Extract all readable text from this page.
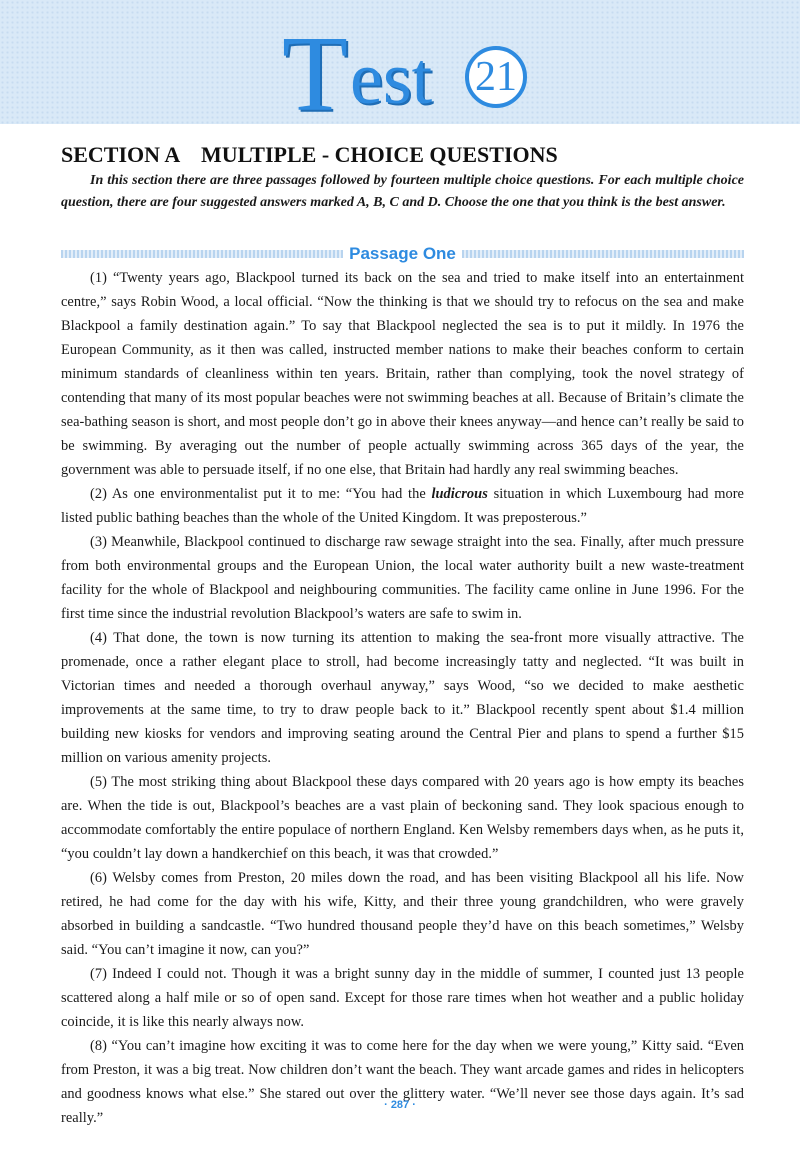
T est 21
SECTION A    MULTIPLE - CHOICE QUESTIONS

In this section there are three passages followed by fourteen multiple choice questions. For each multiple choice question, there are four suggested answers marked A, B, C and D. Choose the one that you think is the best answer.

Passage One

(1) “Twenty years ago, Blackpool turned its back on the sea and tried to make itself into an entertainment centre,” says Robin Wood, a local official. “Now the thinking is that we should try to refocus on the sea and make Blackpool a family destination again.” To say that Blackpool neglected the sea is to put it mildly. In 1976 the European Community, as it then was called, instructed member nations to make their beaches conform to certain minimum standards of cleanliness within ten years. Britain, rather than complying, took the novel strategy of contending that many of its most popular beaches were not swimming beaches at all. Because of Britain’s climate the sea-bathing season is short, and most people don’t go in above their knees anyway—and hence can’t really be said to be swimming. By averaging out the number of people actually swimming across 365 days of the year, the government was able to persuade itself, if no one else, that Britain had hardly any real swimming beaches.

(2) As one environmentalist put it to me: “You had the ludicrous situation in which Luxembourg had more listed public bathing beaches than the whole of the United Kingdom. It was preposterous.”

(3) Meanwhile, Blackpool continued to discharge raw sewage straight into the sea. Finally, after much pressure from both environmental groups and the European Union, the local water authority built a new waste-treatment facility for the whole of Blackpool and neighbouring communities. The facility came online in June 1996. For the first time since the industrial revolution Blackpool’s waters are safe to swim in.

(4) That done, the town is now turning its attention to making the sea-front more visually attractive. The promenade, once a rather elegant place to stroll, had become increasingly tatty and neglected. “It was built in Victorian times and needed a thorough overhaul anyway,” says Wood, “so we decided to make aesthetic improvements at the same time, to try to draw people back to it.” Blackpool recently spent about $1.4 million building new kiosks for vendors and improving seating around the Central Pier and plans to spend a further $15 million on various amenity projects.

(5) The most striking thing about Blackpool these days compared with 20 years ago is how empty its beaches are. When the tide is out, Blackpool’s beaches are a vast plain of beckoning sand. They look spacious enough to accommodate comfortably the entire populace of northern England. Ken Welsby remembers days when, as he puts it, “you couldn’t lay down a handkerchief on this beach, it was that crowded.”

(6) Welsby comes from Preston, 20 miles down the road, and has been visiting Blackpool all his life. Now retired, he had come for the day with his wife, Kitty, and their three young grandchildren, who were gravely absorbed in building a sandcastle. “Two hundred thousand people they’d have on this beach sometimes,” Welsby said. “You can’t imagine it now, can you?”

(7) Indeed I could not. Though it was a bright sunny day in the middle of summer, I counted just 13 people scattered along a half mile or so of open sand. Except for those rare times when hot weather and a public holiday coincide, it is like this nearly always now.

(8) “You can’t imagine how exciting it was to come here for the day when we were young,” Kitty said. “Even from Preston, it was a big treat. Now children don’t want the beach. They want arcade games and rides in helicopters and goodness knows what else.” She stared out over the glittery water. “We’ll never see those days again. It’s sad really.”

· 287 ·
